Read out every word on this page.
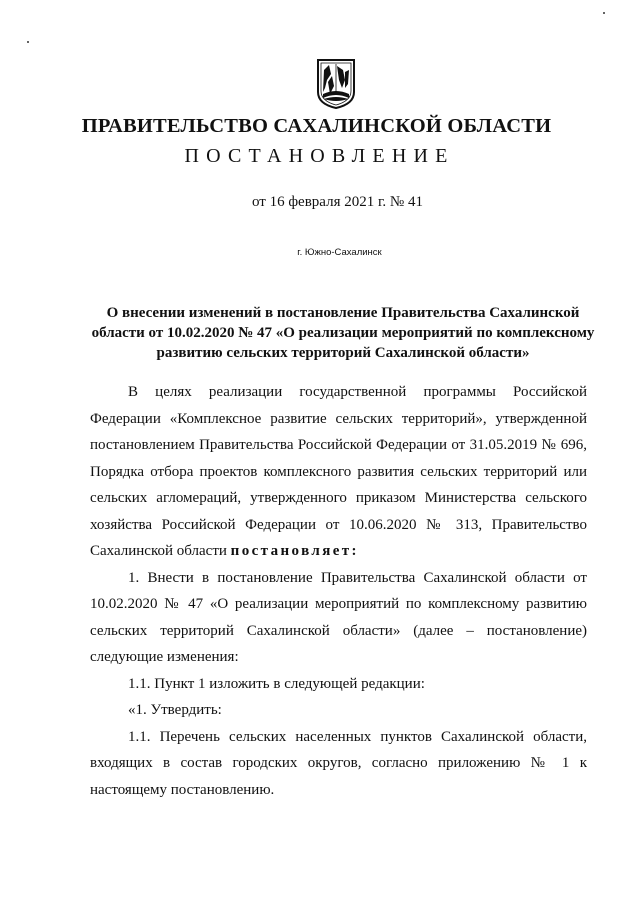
ПРАВИТЕЛЬСТВО САХАЛИНСКОЙ ОБЛАСТИ
ПОСТАНОВЛЕНИЕ
от 16 февраля 2021 г. № 41
г. Южно-Сахалинск
О внесении изменений в постановление Правительства Сахалинской области от 10.02.2020 № 47 «О реализации мероприятий по комплексному развитию сельских территорий Сахалинской области»

В целях реализации государственной программы Российской Федерации «Комплексное развитие сельских территорий», утвержденной постановлением Правительства Российской Федерации от 31.05.2019 № 696, Порядка отбора проектов комплексного развития сельских территорий или сельских агломераций, утвержденного приказом Министерства сельского хозяйства Российской Федерации от 10.06.2020 № 313, Правительство Сахалинской области постановляет:

1. Внести в постановление Правительства Сахалинской области от 10.02.2020 № 47 «О реализации мероприятий по комплексному развитию сельских территорий Сахалинской области» (далее – постановление) следующие изменения:

1.1. Пункт 1 изложить в следующей редакции:

«1. Утвердить:

1.1. Перечень сельских населенных пунктов Сахалинской области, входящих в состав городских округов, согласно приложению № 1 к настоящему постановлению.
